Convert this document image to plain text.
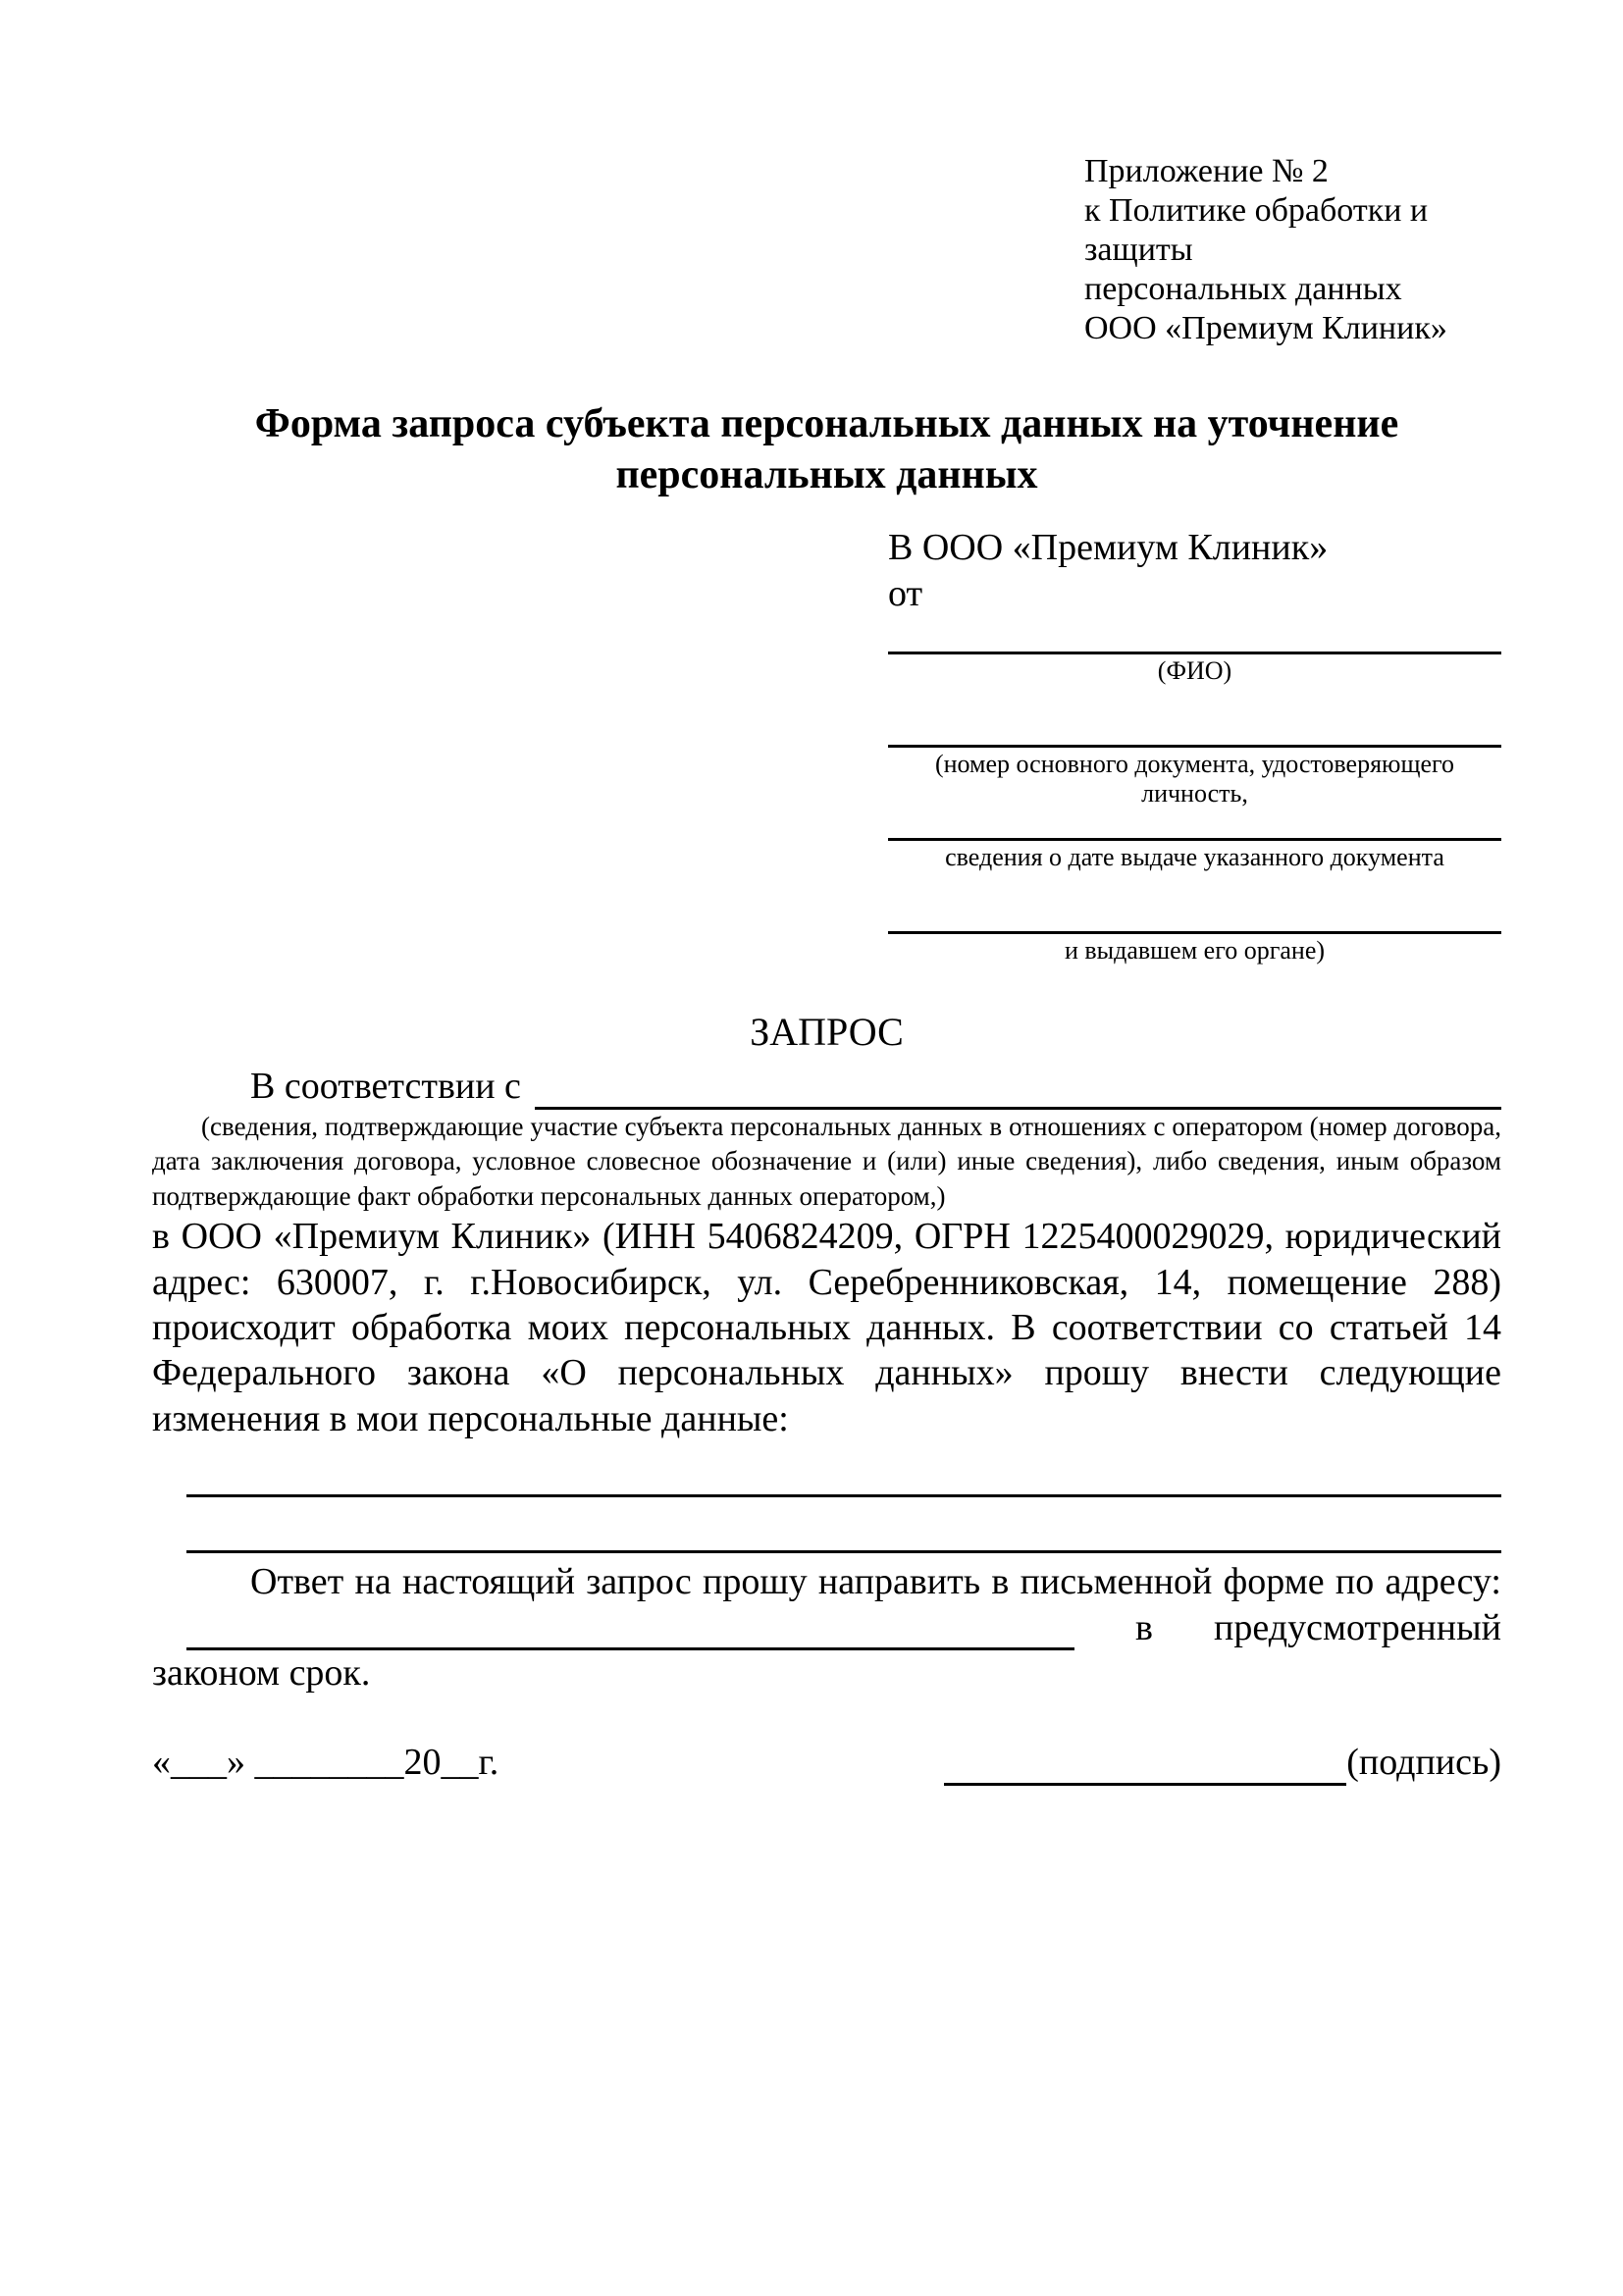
Приложение № 2
к Политике обработки и защиты
персональных данных
ООО «Премиум Клиник»
Форма запроса субъекта персональных данных на уточнение персональных данных
В ООО «Премиум Клиник»
от
(ФИО)
(номер основного документа, удостоверяющего личность,
сведения о дате выдаче указанного документа
и выдавшем его органе)
ЗАПРОС
В соответствии с
(сведения, подтверждающие участие субъекта персональных данных в отношениях с оператором (номер договора, дата заключения договора, условное словесное обозначение и (или) иные сведения), либо сведения, иным образом подтверждающие факт обработки персональных данных оператором,)

в ООО «Премиум Клиник» (ИНН 5406824209, ОГРН 1225400029029, юридический адрес: 630007, г. г.Новосибирск, ул. Серебренниковская, 14, помещение 288) происходит обработка моих персональных данных. В соответствии со статьей 14 Федерального закона «О персональных данных» прошу внести следующие изменения в мои персональные данные:

Ответ на настоящий запрос прошу направить в письменной форме по адресу:
в предусмотренный
законом срок.
«___» ________20__г.	(подпись)
